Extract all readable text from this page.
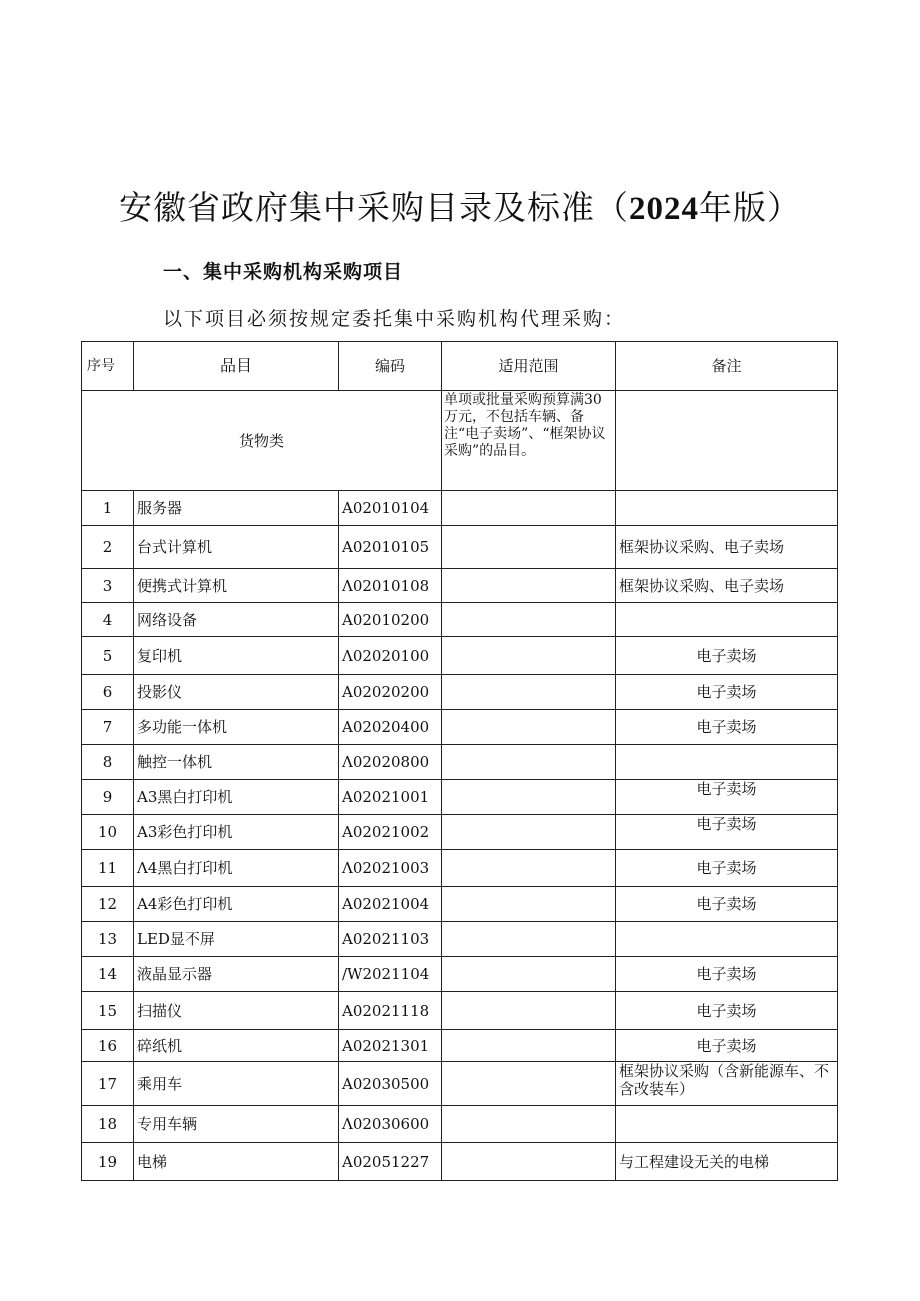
安徽省政府集中采购目录及标准（2024年版）
一、集中采购机构采购项目
以下项目必须按规定委托集中采购机构代理采购：
序号	品目	编码	适用范围	备注
货物类			单项或批量采购预算满30万元，不包括车辆、备注“电子卖场”、“框架协议采购”的品目。	
1	服务器	A02010104		
2	台式计算机	A02010105		框架协议采购、电子卖场
3	便携式计算机	Λ02010108		框架协议采购、电子卖场
4	网络设备	A02010200		
5	复印机	Λ02020100		电子卖场
6	投影仪	A02020200		电子卖场
7	多功能一体机	A02020400		电子卖场
8	触控一体机	Λ02020800		
9	A3黑白打印机	A02021001		电子卖场
10	A3彩色打印机	A02021002		电子卖场
11	Λ4黑白打印机	Λ02021003		电子卖场
12	A4彩色打印机	A02021004		电子卖场
13	LED显不屏	A02021103		
14	液晶显示器	/W2021104		电子卖场
15	扫描仪	A02021118		电子卖场
16	碎纸机	A02021301		电子卖场
17	乘用车	A02030500		框架协议采购（含新能源车、不含改装车）
18	专用车辆	Λ02030600		
19	电梯	A02051227		与工程建设无关的电梯
